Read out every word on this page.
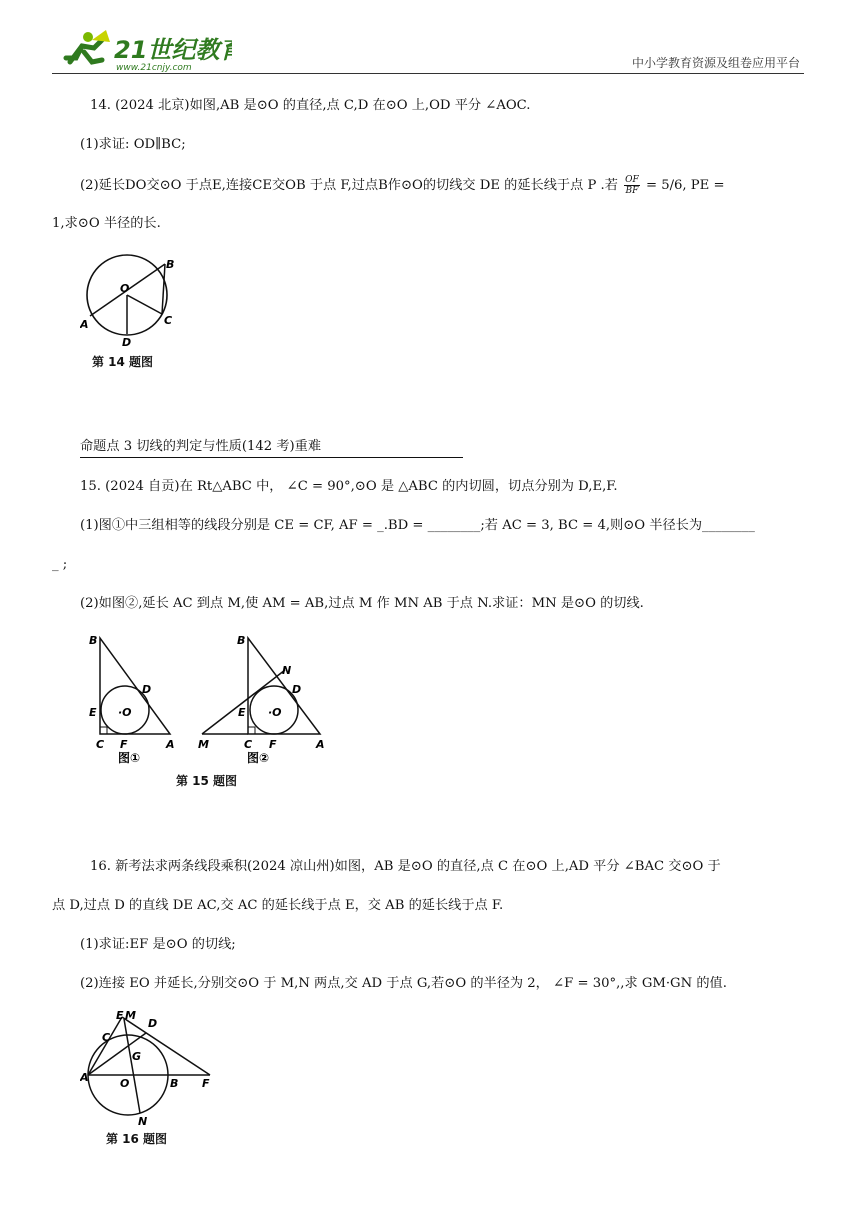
21世纪教育
www.21cnjy.com	中小学教育资源及组卷应用平台
14. (2024 北京)如图,AB 是⊙O 的直径,点 C,D 在⊙O 上,OD 平分 ∠AOC.
(1)求证: OD∥BC;
(2)延长DO交⊙O 于点E,连接CE交OB 于点 F,过点B作⊙O的切线交 DE 的延长线于点 P .若 $\frac{OF}{BF} = 5/6$, PE =
1,求⊙O 半径的长.
O
A
B
C
D
第 14 题图
命题点 3 切线的判定与性质(142 考)重难
15. (2024 自贡)在 Rt△ABC 中， ∠C = 90°,⊙O 是 △ABC 的内切圆，切点分别为 D,E,F.
(1)图①中三组相等的线段分别是 CE = CF, AF = _.BD = ________;若 AC = 3, BC = 4,则⊙O 半径长为________
_ ;
(2)如图②,延长 AC 到点 M,使 AM = AB,过点 M 作 MN AB 于点 N.求证：MN 是⊙O 的切线.
B
D
E ·O
C F	A
图①
B
N
D
E ·O
M	C F	A
图②
第 15 题图
16. 新考法求两条线段乘积(2024 凉山州)如图，AB 是⊙O 的直径,点 C 在⊙O 上,AD 平分 ∠BAC 交⊙O 于
点 D,过点 D 的直线 DE AC,交 AC 的延长线于点 E，交 AB 的延长线于点 F.
(1)求证:EF 是⊙O 的切线;
(2)连接 EO 并延长,分别交⊙O 于 M,N 两点,交 AD 于点 G,若⊙O 的半径为 2， ∠F = 30°,,求 GM·GN 的值.
E M
D
C
G
A	O	B F
N
第 16 题图
